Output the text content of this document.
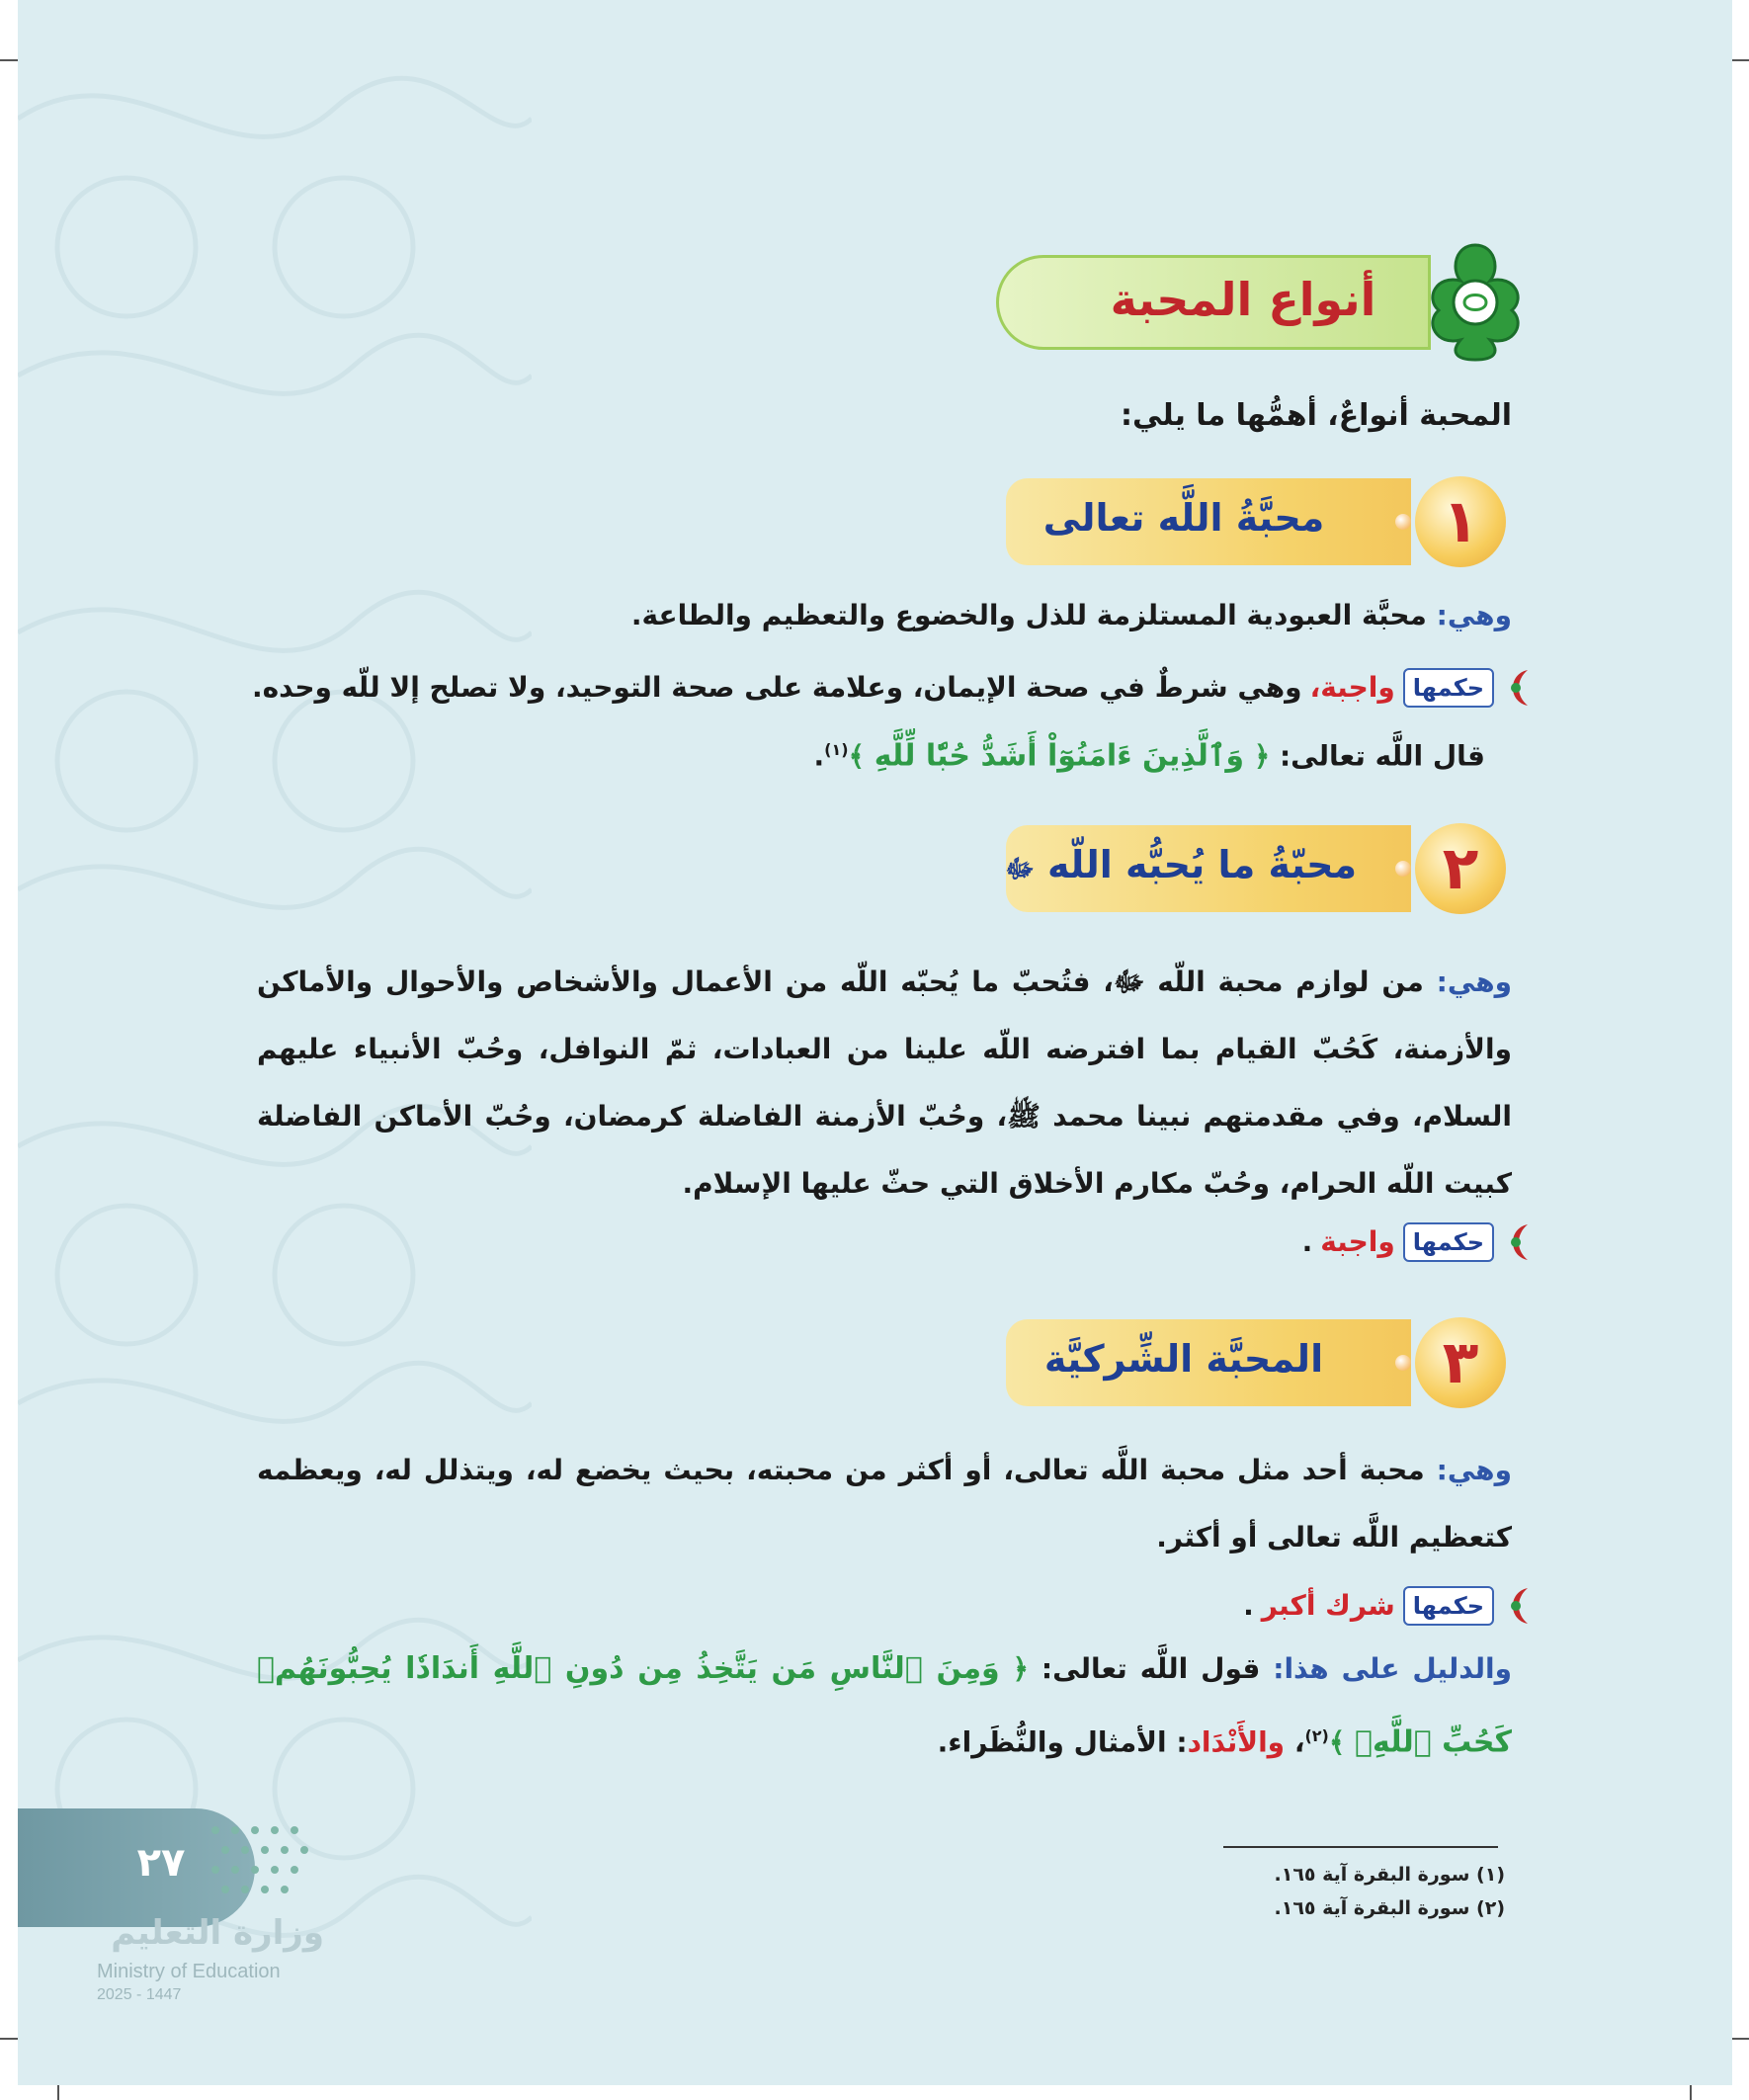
أنواع المحبة
المحبة أنواعٌ، أهمُّها ما يلي:
محبَّةُ اللَّه تعالى	١
وهي: محبَّة العبودية المستلزمة للذل والخضوع والتعظيم والطاعة.
حكمها
واجبة،
وهي شرطٌ في صحة الإيمان، وعلامة على صحة التوحيد، ولا تصلح إلا للّه وحده.
قال اللَّه تعالى: ﴿ وَٱلَّذِينَ ءَامَنُوٓاْ أَشَدُّ حُبّٗا لِّلَّهِ ﴾$^{(١)}$.
محبّةُ ما يُحبُّه اللّه ﷻ	٢
وهي: من لوازم محبة اللّه ﷻ، فتُحبّ ما يُحبّه اللّه من الأعمال والأشخاص والأحوال والأماكن والأزمنة، كَحُبّ القيام بما افترضه اللّه علينا من العبادات، ثمّ النوافل، وحُبّ الأنبياء عليهم السلام، وفي مقدمتهم نبينا محمد ﷺ، وحُبّ الأزمنة الفاضلة كرمضان، وحُبّ الأماكن الفاضلة كبيت اللّه الحرام، وحُبّ مكارم الأخلاق التي حثّ عليها الإسلام.
حكمها
واجبة
.
المحبَّة الشِّركيَّة	٣
وهي: محبة أحد مثل محبة اللَّه تعالى، أو أكثر من محبته، بحيث يخضع له، ويتذلل له، ويعظمه كتعظيم اللَّه تعالى أو أكثر.
حكمها
شرك أكبر
.
والدليل على هذا: قول اللَّه تعالى: ﴿ وَمِنَ ٱلنَّاسِ مَن يَتَّخِذُ مِن دُونِ ٱللَّهِ أَندَادٗا يُحِبُّونَهُمۡ كَحُبِّ ٱللَّهِۖ ﴾$^{(٢)}$، والأَنْدَاد: الأمثال والنُّظَراء.
(١) سورة البقرة آية ١٦٥.
(٢) سورة البقرة آية ١٦٥.
٢٧
وزارة التعليم
Ministry of Education
2025 - 1447
